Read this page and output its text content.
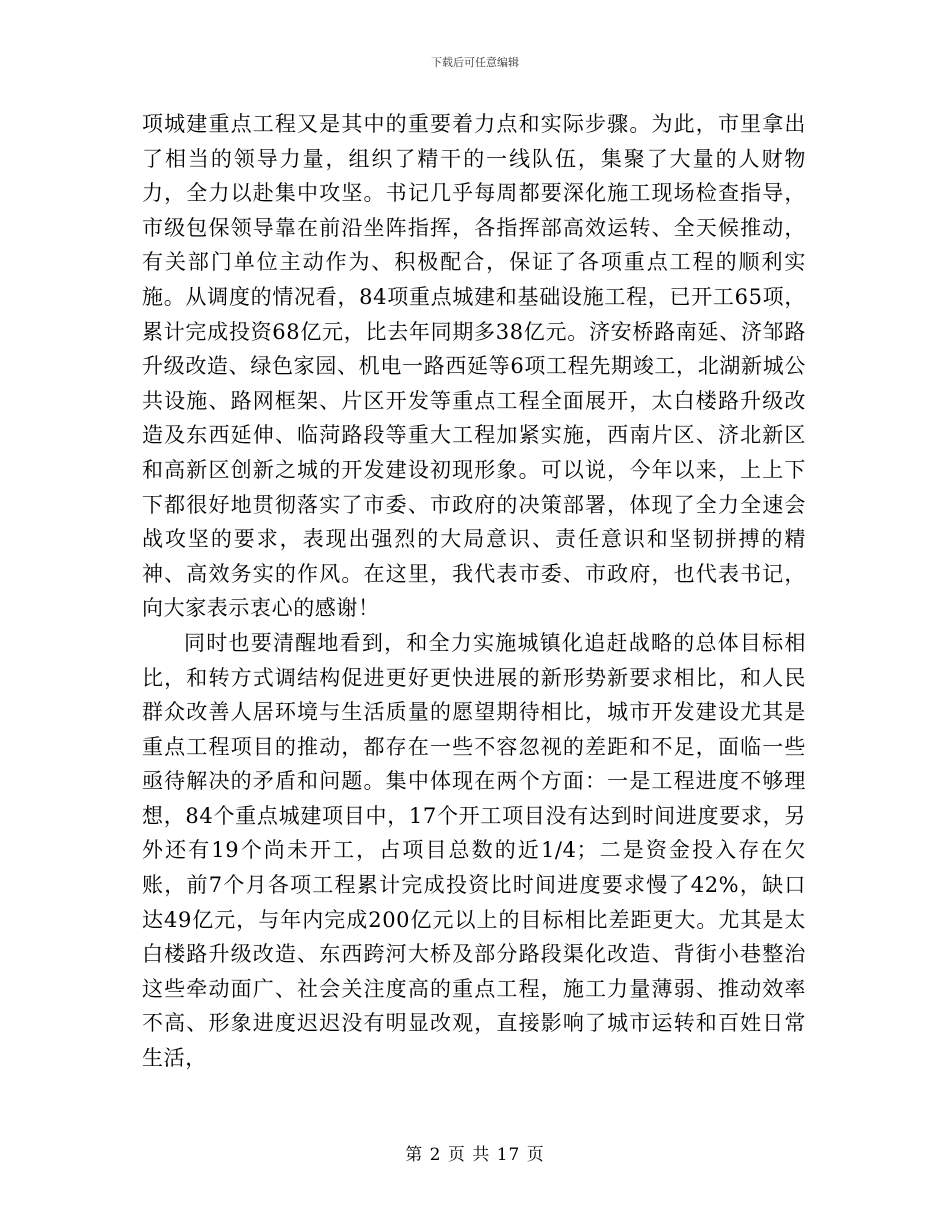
下载后可任意编辑

项城建重点工程又是其中的重要着力点和实际步骤。为此，市里拿出了相当的领导力量，组织了精干的一线队伍，集聚了大量的人财物力，全力以赴集中攻坚。书记几乎每周都要深化施工现场检查指导，市级包保领导靠在前沿坐阵指挥，各指挥部高效运转、全天候推动，有关部门单位主动作为、积极配合，保证了各项重点工程的顺利实施。从调度的情况看，84项重点城建和基础设施工程，已开工65项，累计完成投资68亿元，比去年同期多38亿元。济安桥路南延、济邹路升级改造、绿色家园、机电一路西延等6项工程先期竣工，北湖新城公共设施、路网框架、片区开发等重点工程全面展开，太白楼路升级改造及东西延伸、临菏路段等重大工程加紧实施，西南片区、济北新区和高新区创新之城的开发建设初现形象。可以说，今年以来，上上下下都很好地贯彻落实了市委、市政府的决策部署，体现了全力全速会战攻坚的要求，表现出强烈的大局意识、责任意识和坚韧拼搏的精神、高效务实的作风。在这里，我代表市委、市政府，也代表书记，向大家表示衷心的感谢！

同时也要清醒地看到，和全力实施城镇化追赶战略的总体目标相比，和转方式调结构促进更好更快进展的新形势新要求相比，和人民群众改善人居环境与生活质量的愿望期待相比，城市开发建设尤其是重点工程项目的推动，都存在一些不容忽视的差距和不足，面临一些亟待解决的矛盾和问题。集中体现在两个方面：一是工程进度不够理想，84个重点城建项目中，17个开工项目没有达到时间进度要求，另外还有19个尚未开工，占项目总数的近1/4；二是资金投入存在欠账，前7个月各项工程累计完成投资比时间进度要求慢了42%，缺口达49亿元，与年内完成200亿元以上的目标相比差距更大。尤其是太白楼路升级改造、东西跨河大桥及部分路段渠化改造、背街小巷整治这些牵动面广、社会关注度高的重点工程，施工力量薄弱、推动效率不高、形象进度迟迟没有明显改观，直接影响了城市运转和百姓日常生活，

第 2 页 共 17 页
